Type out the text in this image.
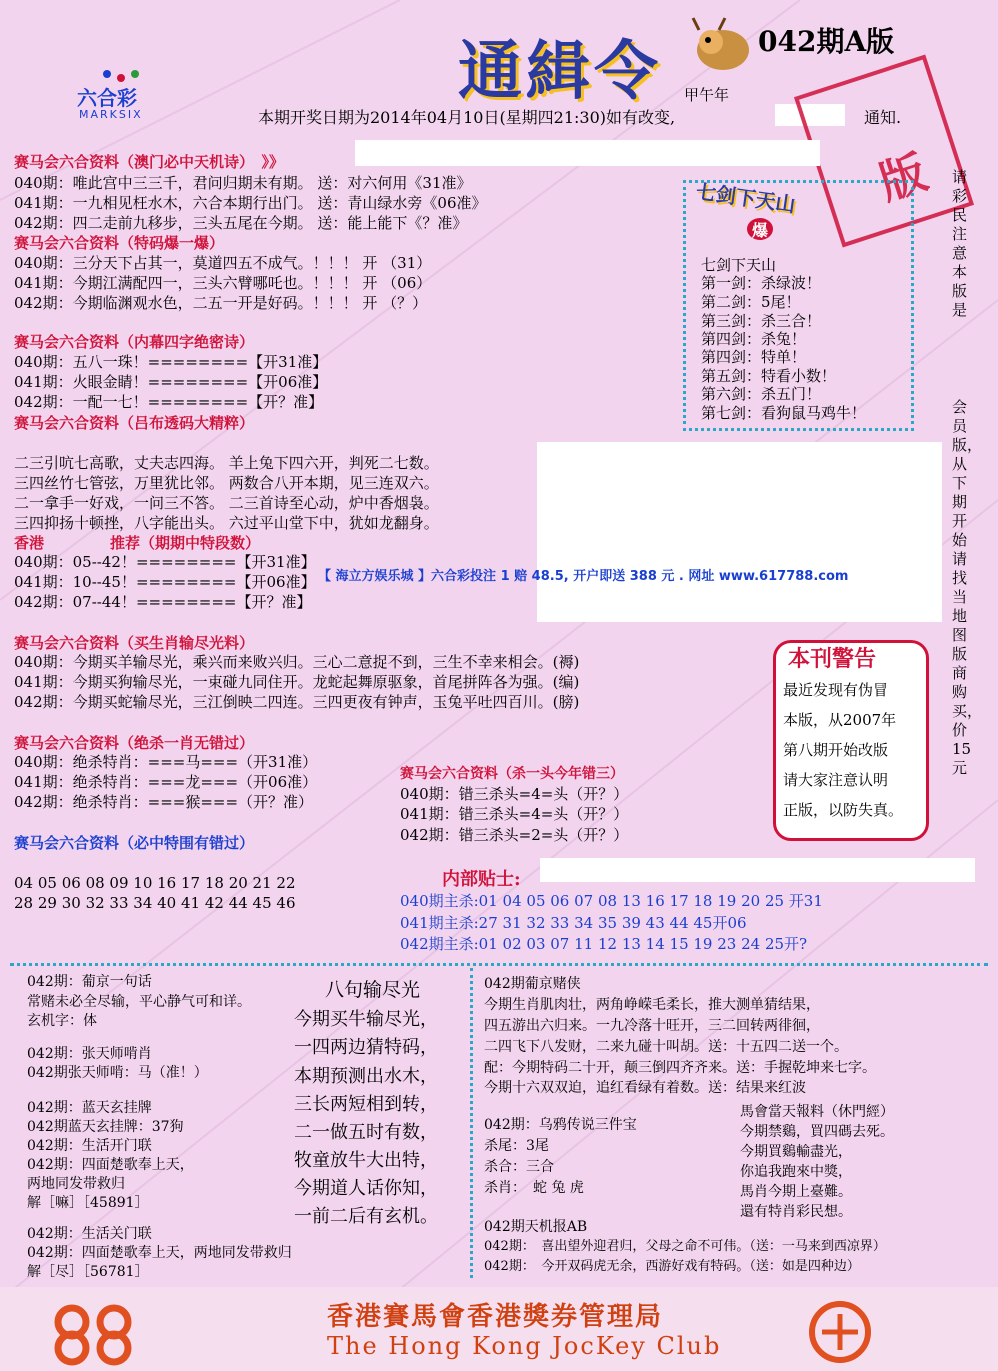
六合彩
MARKSIX
通緝令	042期A版
甲午年
本期开奖日期为2014年04月10日(星期四21:30)如有改变,	通知.
版
赛马会六合资料（澳门必中天机诗）　》》
040期：唯此宫中三三千，君问归期未有期。 送：对六何用《31准》
041期：一九相见枉水木，六合本期行出门。 送：青山绿水旁《06准》
042期：四二走前九移步，三头五尾在今期。 送：能上能下《？准》
赛马会六合资料（特码爆一爆）
040期：三分天下占其一，莫道四五不成气。！！！ 开 （31）
041期：今期江满配四一，三头六臂哪吒也。！！！ 开 （06）
042期：今期临渊观水色，二五一开是好码。！！！ 开 （？）
赛马会六合资料（内幕四字绝密诗）
040期：五八一珠！========【开31准】
041期：火眼金睛！========【开06准】
042期：一配一七！========【开？准】
赛马会六合资料（吕布透码大精粹）
二三引吭七高歌，丈夫志四海。 羊上兔下四六开，判死二七数。
三四丝竹七管弦，万里犹比邻。 两数合八开本期，见三连双六。
二一拿手一好戏，一问三不答。 二三首诗至心动，炉中香烟袅。
三四抑扬十顿挫，八字能出头。 六过平山堂下中，犹如龙翻身。
香港	推荐（期期中特段数）
040期：05--42！========【开31准】
041期：10--45！========【开06准】
042期：07--44！========【开？准】
【 海立方娱乐城 】六合彩投注 1 赔 48.5, 开户即送 388 元 . 网址 www.617788.com
赛马会六合资料（买生肖输尽光料）
040期：今期买羊输尽光，乘兴而来败兴归。三心二意捉不到，三生不幸来相会。(褥)
041期：今期买狗输尽光，一束碰九同住开。龙蛇起舞原驱象，首尾拼阵各为强。(编)
042期：今期买蛇输尽光，三江倒映二四连。三四更夜有钟声，玉兔平吐四百川。(膀)
赛马会六合资料（绝杀一肖无错过）
040期：绝杀特肖：===马===（开31准）
041期：绝杀特肖：===龙===（开06准）
042期：绝杀特肖：===猴===（开？准）
赛马会六合资料（杀一头今年错三）
040期：错三杀头=4=头（开？）
041期：错三杀头=4=头（开？）
042期：错三杀头=2=头（开？）
赛马会六合资料（必中特围有错过）
04 05 06 08 09 10 16 17 18 20 21 22
28 29 30 32 33 34 40 41 42 44 45 46
内部贴士:
040期主杀:01 04 05 06 07 08 13 16 17 18 19 20 25 开31
041期主杀:27 31 32 33 34 35 39 43 44 45开06
042期主杀:01 02 03 07 11 12 13 14 15 19 23 24 25开?
七剑下天山
爆
七剑下天山
第一剑：杀绿波！
第二剑：5尾！
第三剑：杀三合！
第四剑：杀兔！
第四剑：特单！
第五剑：特看小数！
第六剑：杀五门！
第七剑：看狗鼠马鸡牛！
请彩民注意本版是
会员版，从下期开始请找当地图版商购买，价15元
本刊警告
最近发现有伪冒
本版，从2007年
第八期开始改版
请大家注意认明
正版，以防失真。
042期：葡京一句话
常赌未必全尽输，平心静气可和详。
玄机字：体
042期：张天师啃肖
042期张天师啃：马（准！）
042期：蓝天玄挂牌
042期蓝天玄挂牌：37狗
042期：生活开门联
042期：四面楚歌奉上天，
两地同发带救归
解［嘛］［45891］
042期：生活关门联
042期：四面楚歌奉上天，两地同发带救归
解［尽］［56781］
八句输尽光
今期买牛输尽光，
一四两边猜特码，
本期预测出水木，
三长两短相到转，
二一做五时有数，
牧童放牛大出特，
今期道人话你知，
一前二后有玄机。
042期葡京赌侠
今期生肖肌肉壮，两角峥嵘毛柔长，推大测单猜结果，
四五游出六归来。一九冷落十旺开，三二回转两徘徊，
二四飞下八发财，二来九碰十叫胡。送：十五四二送一个。
配：今期特码二十开，颠三倒四齐齐来。送：手握乾坤来七字。
今期十六双双迫，追红看绿有着数。送：结果来红波
042期：乌鸦传说三件宝
杀尾：3尾
杀合：三合
杀肖：　蛇 兔 虎
馬會當天報料（休門經）
今期禁鷄，買四碼去死。
今期買鷄輸盡光，
你追我跑來中獎，
馬肖今期上臺難。
還有特肖彩民想。
042期天机报AB
042期：　喜出望外迎君归，父母之命不可伟。（送：一马来到西凉界）
042期：　今开双码虎无余，西游好戏有特码。（送：如是四种边）
香港賽馬會香港獎券管理局
The Hong Kong JocKey Club
